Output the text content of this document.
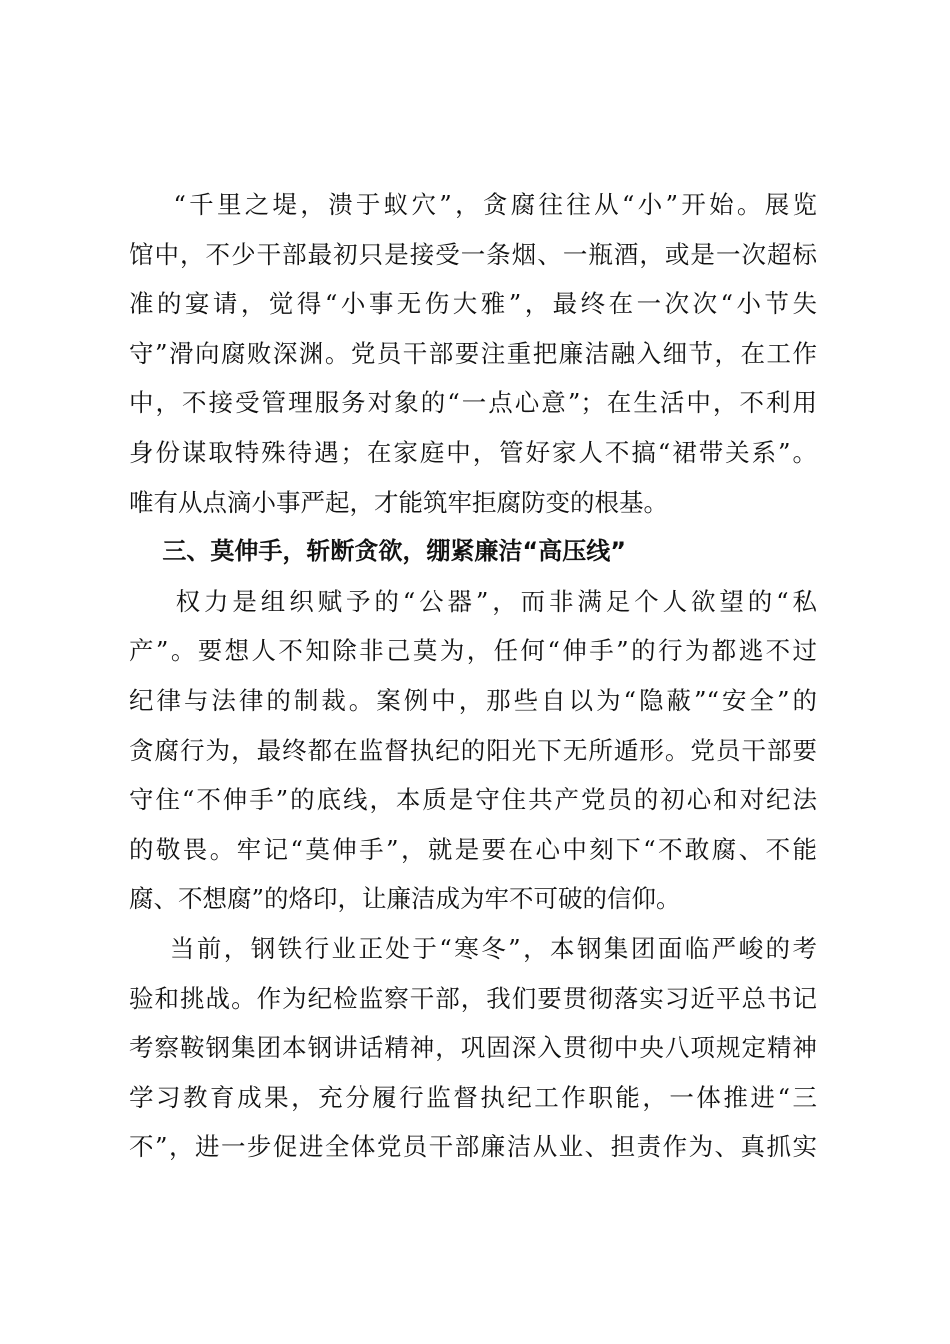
“千里之堤，溃于蚁穴”，贪腐往往从“小”开始。展览
馆中，不少干部最初只是接受一条烟、一瓶酒，或是一次超标
准的宴请，觉得“小事无伤大雅”，最终在一次次“小节失
守”滑向腐败深渊。党员干部要注重把廉洁融入细节，在工作
中，不接受管理服务对象的“一点心意”；在生活中，不利用
身份谋取特殊待遇；在家庭中，管好家人不搞“裙带关系”。
唯有从点滴小事严起，才能筑牢拒腐防变的根基。
三、莫伸手，斩断贪欲，绷紧廉洁“高压线”
权力是组织赋予的“公器”，而非满足个人欲望的“私
产”。要想人不知除非己莫为，任何“伸手”的行为都逃不过
纪律与法律的制裁。案例中，那些自以为“隐蔽”“安全”的
贪腐行为，最终都在监督执纪的阳光下无所遁形。党员干部要
守住“不伸手”的底线，本质是守住共产党员的初心和对纪法
的敬畏。牢记“莫伸手”，就是要在心中刻下“不敢腐、不能
腐、不想腐”的烙印，让廉洁成为牢不可破的信仰。
当前，钢铁行业正处于“寒冬”，本钢集团面临严峻的考
验和挑战。作为纪检监察干部，我们要贯彻落实习近平总书记
考察鞍钢集团本钢讲话精神，巩固深入贯彻中央八项规定精神
学习教育成果，充分履行监督执纪工作职能，一体推进“三
不”，进一步促进全体党员干部廉洁从业、担责作为、真抓实
